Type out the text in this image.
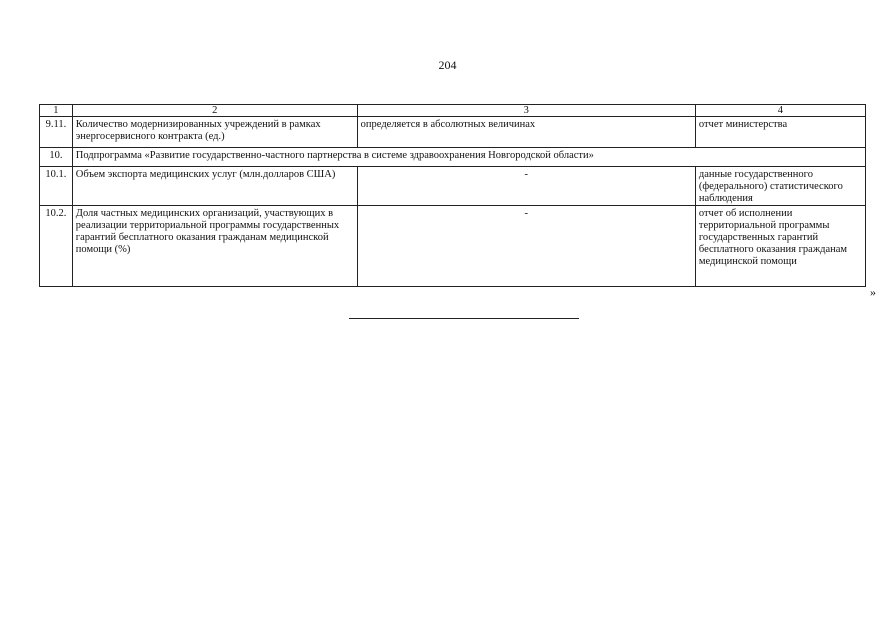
204
1	2	3	4
9.11.	Количество модернизированных учреждений в рамках энергосервисного контракта (ед.)	определяется в абсолютных величинах	отчет министерства
10.	Подпрограмма «Развитие государственно-частного партнерства в системе здравоохранения Новгородской области»		
10.1.	Объем экспорта медицинских услуг (млн.долларов США)	-	данные государственного (федерального) статистического наблюдения
10.2.	Доля частных медицинских организаций, участвующих в реализации территориальной программы государственных гарантий бесплатного оказания гражданам медицинской помощи (%)	-	отчет об исполнении территориальной программы государственных гарантий бесплатного оказания гражданам медицинской помощи
»
